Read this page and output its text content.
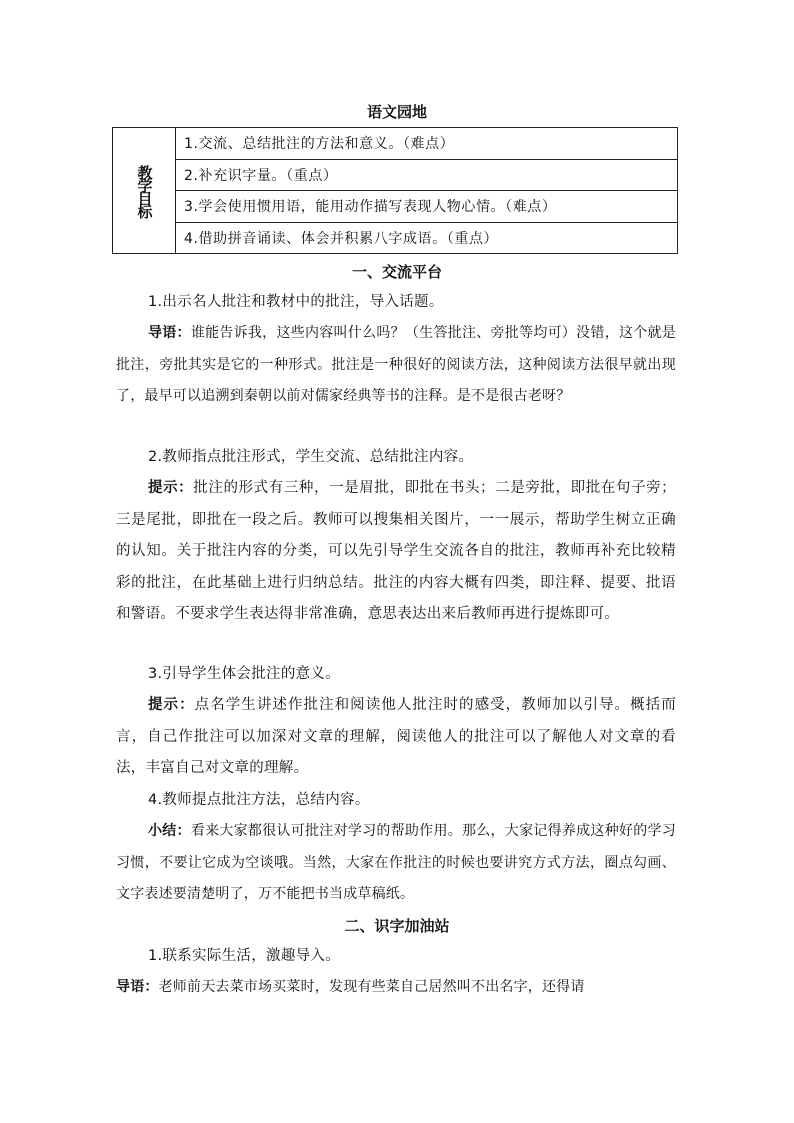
语文园地
教学目标
1.交流、总结批注的方法和意义。（难点）
2.补充识字量。（重点）
3.学会使用惯用语，能用动作描写表现人物心情。（难点）
4.借助拼音诵读、体会并积累八字成语。（重点）
一、交流平台

1.出示名人批注和教材中的批注，导入话题。

导语：谁能告诉我，这些内容叫什么吗？（生答批注、旁批等均可）没错，这个就是批注，旁批其实是它的一种形式。批注是一种很好的阅读方法，这种阅读方法很早就出现了，最早可以追溯到秦朝以前对儒家经典等书的注释。是不是很古老呀？

2.教师指点批注形式，学生交流、总结批注内容。

提示：批注的形式有三种，一是眉批，即批在书头；二是旁批，即批在句子旁；三是尾批，即批在一段之后。教师可以搜集相关图片，一一展示，帮助学生树立正确的认知。关于批注内容的分类，可以先引导学生交流各自的批注，教师再补充比较精彩的批注，在此基础上进行归纳总结。批注的内容大概有四类，即注释、提要、批语和警语。不要求学生表达得非常准确，意思表达出来后教师再进行提炼即可。

3.引导学生体会批注的意义。

提示：点名学生讲述作批注和阅读他人批注时的感受，教师加以引导。概括而言，自己作批注可以加深对文章的理解，阅读他人的批注可以了解他人对文章的看法，丰富自己对文章的理解。

4.教师提点批注方法，总结内容。

小结：看来大家都很认可批注对学习的帮助作用。那么，大家记得养成这种好的学习习惯，不要让它成为空谈哦。当然，大家在作批注的时候也要讲究方式方法，圈点勾画、文字表述要清楚明了，万不能把书当成草稿纸。

二、识字加油站

1.联系实际生活，激趣导入。

导语：老师前天去菜市场买菜时，发现有些菜自己居然叫不出名字，还得请
